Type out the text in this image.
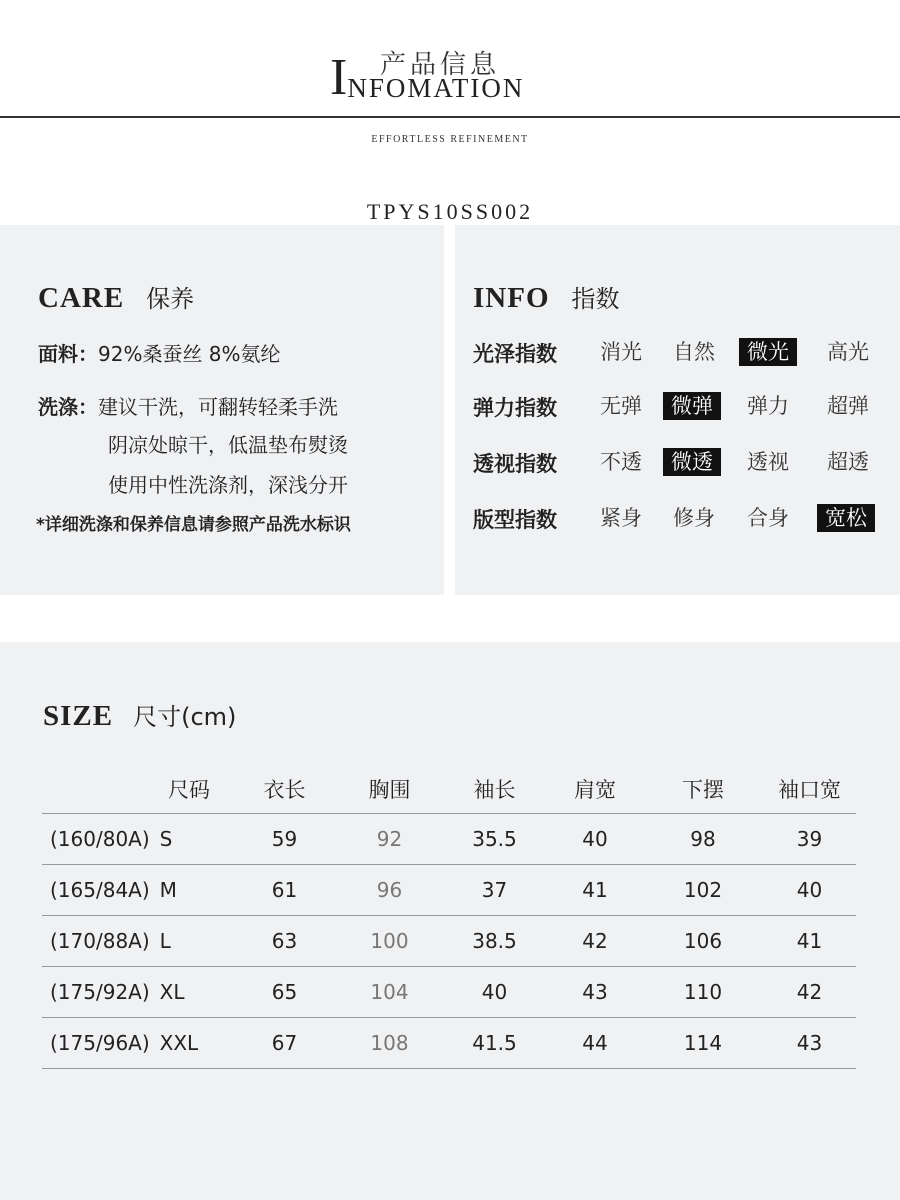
产品信息
INFOMATION
EFFORTLESS REFINEMENT
TPYS10SS002
CARE 保养
面料：92%桑蚕丝 8%氨纶
洗涤：建议干洗，可翻转轻柔手洗
阴凉处晾干，低温垫布熨烫
使用中性洗涤剂，深浅分开
*详细洗涤和保养信息请参照产品洗水标识
INFO 指数
光泽指数	消光	自然	微光	高光
弹力指数	无弹	微弹	弹力	超弹
透视指数	不透	微透	透视	超透
版型指数	紧身	修身	合身	宽松
SIZE 尺寸(cm)
尺码	衣长	胸围	袖长	肩宽	下摆	袖口宽
(160/80A) S	59	92	35.5	40	98	39
(165/84A) M	61	96	37	41	102	40
(170/88A) L	63	100	38.5	42	106	41
(175/92A) XL	65	104	40	43	110	42
(175/96A) XXL	67	108	41.5	44	114	43
